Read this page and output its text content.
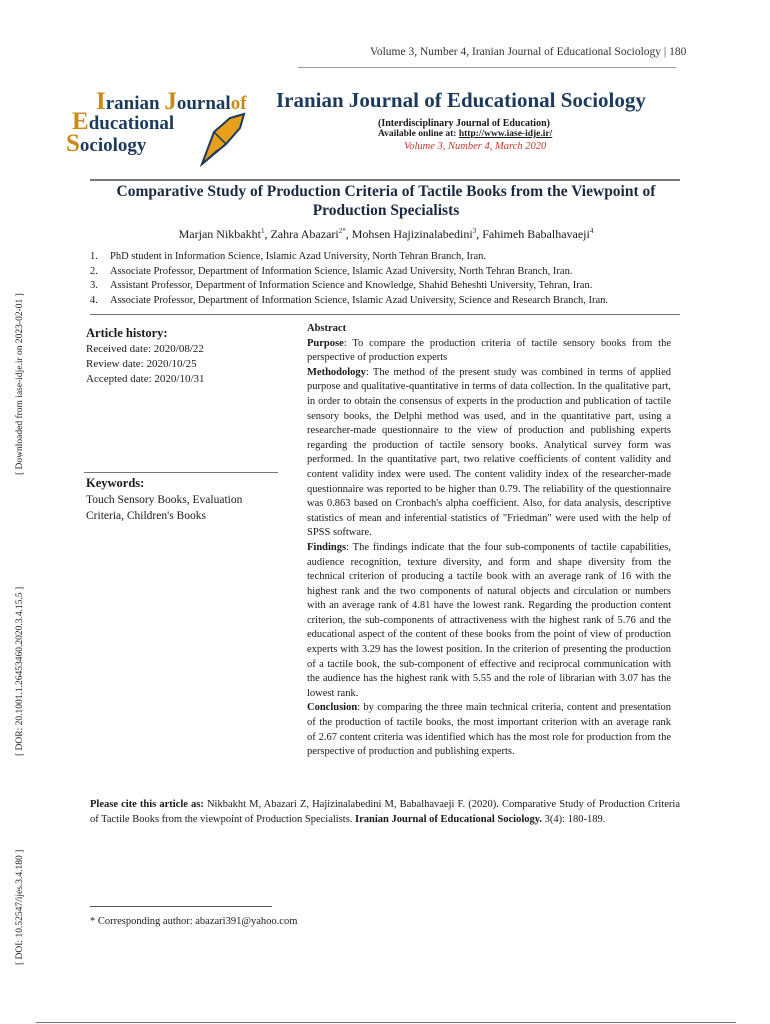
[ Downloaded from iase-idje.ir on 2023-02-01 ]
[ DOR: 20.1001.1.26453460.2020.3.4.15.5 ]
[ DOI: 10.52547/ijes.3.4.180 ]
Volume 3, Number 4, Iranian Journal of Educational Sociology | 180
Iranian Journalof
Educational
Sociology
Iranian Journal of Educational Sociology
(Interdisciplinary Journal of Education)
Available online at: http://www.iase-idje.ir/
Volume 3, Number 4, March 2020
Comparative Study of Production Criteria of Tactile Books from the Viewpoint of Production Specialists
Marjan Nikbakht$^1$, Zahra Abazari$^{2*}$, Mohsen Hajizinalabedini$^3$, Fahimeh Babalhavaeji$^4$
1. PhD student in Information Science, Islamic Azad University, North Tehran Branch, Iran.
2. Associate Professor, Department of Information Science, Islamic Azad University, North Tehran Branch, Iran.
3. Assistant Professor, Department of Information Science and Knowledge, Shahid Beheshti University, Tehran, Iran.
4. Associate Professor, Department of Information Science, Islamic Azad University, Science and Research Branch, Iran.
Article history:
Received date: 2020/08/22
Review date: 2020/10/25
Accepted date: 2020/10/31
Keywords:
Touch Sensory Books, Evaluation Criteria, Children's Books

Abstract

Purpose: To compare the production criteria of tactile sensory books from the perspective of production experts

Methodology: The method of the present study was combined in terms of applied purpose and qualitative-quantitative in terms of data collection. In the qualitative part, in order to obtain the consensus of experts in the production and publication of tactile sensory books, the Delphi method was used, and in the quantitative part, using a researcher-made questionnaire to the view of production and publishing experts regarding the production of tactile sensory books. Analytical survey form was performed. In the quantitative part, two relative coefficients of content validity and content validity index were used. The content validity index of the researcher-made questionnaire was reported to be higher than 0.79. The reliability of the questionnaire was 0.863 based on Cronbach's alpha coefficient. Also, for data analysis, descriptive statistics of mean and inferential statistics of "Friedman" were used with the help of SPSS software.

Findings: The findings indicate that the four sub-components of tactile capabilities, audience recognition, texture diversity, and form and shape diversity from the technical criterion of producing a tactile book with an average rank of 16 with the highest rank and the two components of natural objects and circulation or numbers with an average rank of 4.81 have the lowest rank. Regarding the production content criterion, the sub-components of attractiveness with the highest rank of 5.76 and the educational aspect of the content of these books from the point of view of production experts with 3.29 has the lowest position. In the criterion of presenting the production of a tactile book, the sub-component of effective and reciprocal communication with the audience has the highest rank with 5.55 and the role of librarian with 3.07 has the lowest rank.

Conclusion: by comparing the three main technical criteria, content and presentation of the production of tactile books, the most important criterion with an average rank of 2.67 content criteria was identified which has the most role for production from the perspective of production and publishing experts.

Please cite this article as: Nikbakht M, Abazari Z, Hajizinalabedini M, Babalhavaeji F. (2020). Comparative Study of Production Criteria of Tactile Books from the viewpoint of Production Specialists. Iranian Journal of Educational Sociology. 3(4): 180-189.
* Corresponding author: abazari391@yahoo.com
